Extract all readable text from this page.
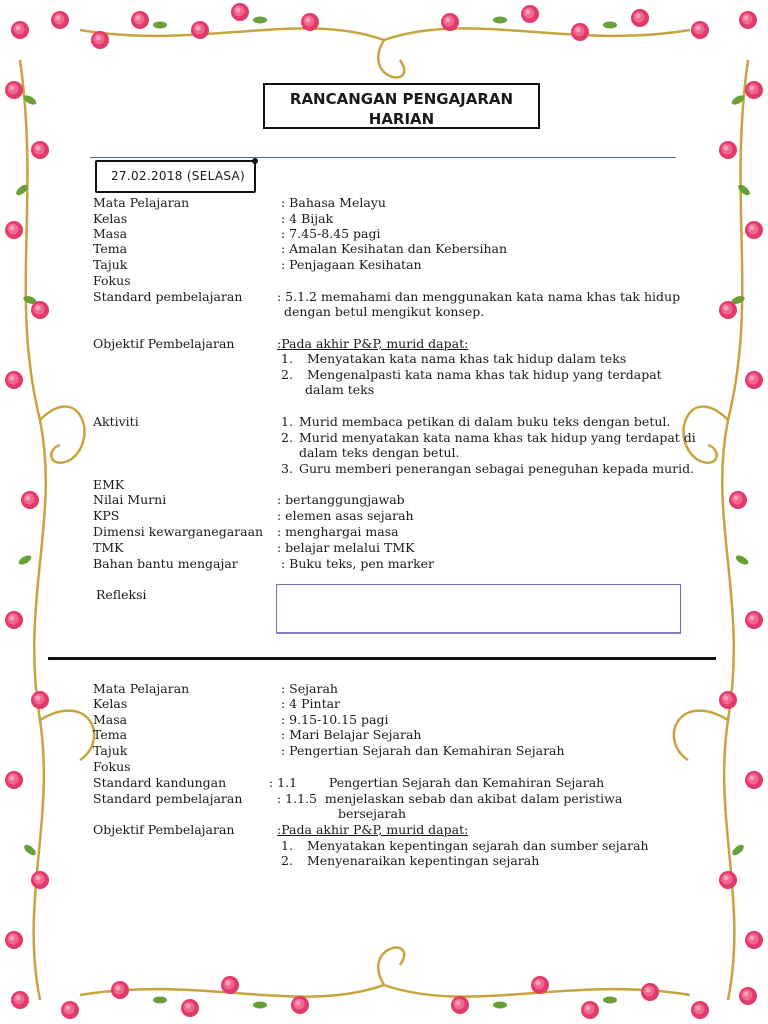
RANCANGAN PENGAJARAN HARIAN
27.02.2018 (SELASA)
Mata Pelajaran	: Bahasa Melayu
Kelas	: 4 Bijak
Masa	: 7.45-8.45 pagi
Tema	: Amalan Kesihatan dan Kebersihan
Tajuk	: Penjagaan Kesihatan
Fokus
Standard pembelajaran	: 5.1.2 memahami dan menggunakan kata nama khas tak hidup
dengan betul mengikut konsep.
Objektif Pembelajaran	:Pada akhir P&P, murid dapat:
1. Menyatakan kata nama khas tak hidup dalam teks
2. Mengenalpasti kata nama khas tak hidup yang terdapat
dalam teks
Aktiviti	1. Murid membaca petikan di dalam buku teks dengan betul.
2. Murid menyatakan kata nama khas tak hidup yang terdapat di
dalam teks dengan betul.
3. Guru memberi penerangan sebagai peneguhan kepada murid.
EMK
Nilai Murni	: bertanggungjawab
KPS	: elemen asas sejarah
Dimensi kewarganegaraan : menghargai masa
TMK	: belajar melalui TMK
Bahan bantu mengajar	: Buku teks, pen marker
Refleksi
Mata Pelajaran	: Sejarah
Kelas	: 4 Pintar
Masa	: 9.15-10.15 pagi
Tema	: Mari Belajar Sejarah
Tajuk	: Pengertian Sejarah dan Kemahiran Sejarah
Fokus
Standard kandungan	: 1.1        Pengertian Sejarah dan Kemahiran Sejarah
Standard pembelajaran	: 1.1.5  menjelaskan sebab dan akibat dalam peristiwa
bersejarah
Objektif Pembelajaran	:Pada akhir P&P, murid dapat:
1. Menyatakan kepentingan sejarah dan sumber sejarah
2. Menyenaraikan kepentingan sejarah
